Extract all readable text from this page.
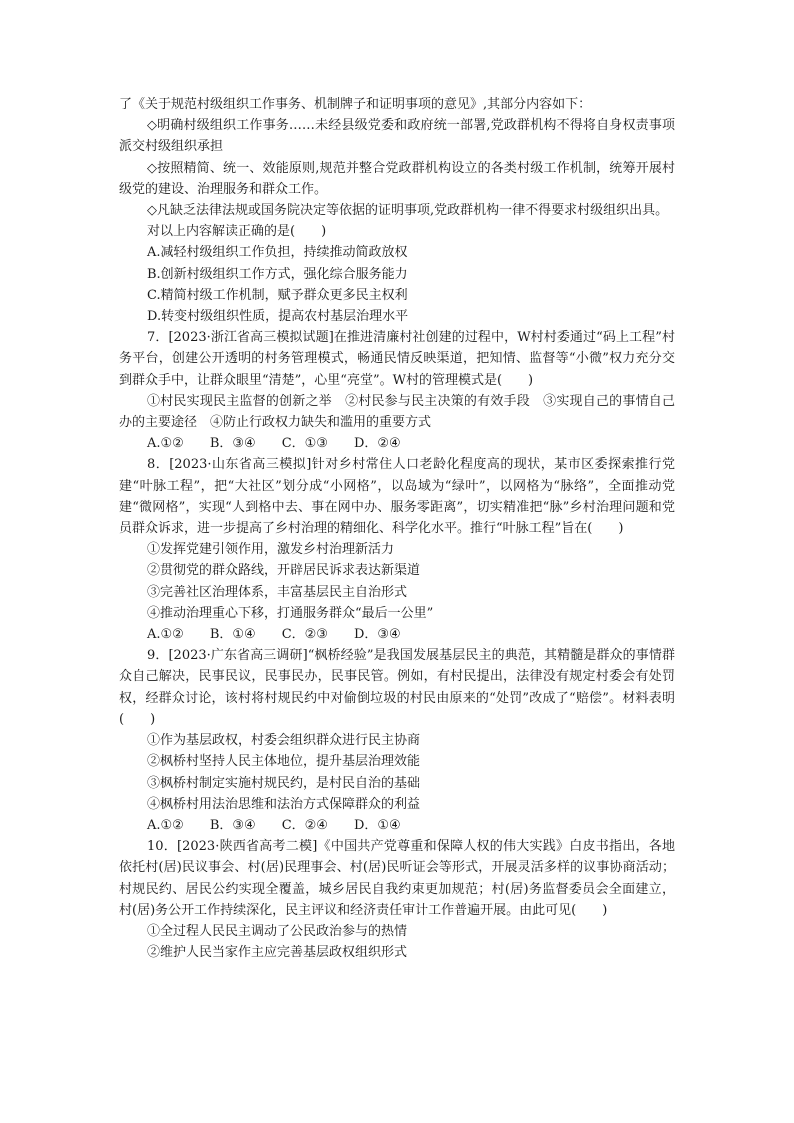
了《关于规范村级组织工作事务、机制牌子和证明事项的意见》,其部分内容如下：

◇明确村级组织工作事务……未经县级党委和政府统一部署,党政群机构不得将自身权责事项派交村级组织承担

◇按照精简、统一、效能原则,规范并整合党政群机构设立的各类村级工作机制，统筹开展村级党的建设、治理服务和群众工作。

◇凡缺乏法律法规或国务院决定等依据的证明事项,党政群机构一律不得要求村级组织出具。

对以上内容解读正确的是(　　)

A.减轻村级组织工作负担，持续推动简政放权

B.创新村级组织工作方式，强化综合服务能力

C.精简村级工作机制，赋予群众更多民主权利

D.转变村级组织性质，提高农村基层治理水平

7．[2023·浙江省高三模拟试题]在推进清廉村社创建的过程中，W村村委通过“码上工程”村务平台，创建公开透明的村务管理模式，畅通民情反映渠道，把知情、监督等“小微”权力充分交到群众手中，让群众眼里“清楚”，心里“亮堂”。W村的管理模式是(　　)

①村民实现民主监督的创新之举　②村民参与民主决策的有效手段　③实现自己的事情自己办的主要途径　④防止行政权力缺失和滥用的重要方式

A.①②　　B．③④　　C．①③　　D．②④

8．[2023·山东省高三模拟]针对乡村常住人口老龄化程度高的现状，某市区委探索推行党建“叶脉工程”，把“大社区”划分成“小网格”，以岛域为“绿叶”，以网格为“脉络”，全面推动党建“微网格”，实现“人到格中去、事在网中办、服务零距离”，切实精准把“脉”乡村治理问题和党员群众诉求，进一步提高了乡村治理的精细化、科学化水平。推行“叶脉工程”旨在(　　)

①发挥党建引领作用，激发乡村治理新活力

②贯彻党的群众路线，开辟居民诉求表达新渠道

③完善社区治理体系，丰富基层民主自治形式

④推动治理重心下移，打通服务群众“最后一公里”

A.①②　　B．①④　　C．②③　　D．③④

9．[2023·广东省高三调研]“枫桥经验”是我国发展基层民主的典范，其精髓是群众的事情群众自己解决，民事民议，民事民办，民事民管。例如，有村民提出，法律没有规定村委会有处罚权，经群众讨论，该村将村规民约中对偷倒垃圾的村民由原来的“处罚”改成了“赔偿”。材料表明(　　)

①作为基层政权，村委会组织群众进行民主协商

②枫桥村坚持人民主体地位，提升基层治理效能

③枫桥村制定实施村规民约，是村民自治的基础

④枫桥村用法治思维和法治方式保障群众的利益

A.①②　　B．③④　　C．②④　　D．①④

10．[2023·陕西省高考二模]《中国共产党尊重和保障人权的伟大实践》白皮书指出，各地依托村(居)民议事会、村(居)民理事会、村(居)民听证会等形式，开展灵活多样的议事协商活动；村规民约、居民公约实现全覆盖，城乡居民自我约束更加规范；村(居)务监督委员会全面建立，村(居)务公开工作持续深化，民主评议和经济责任审计工作普遍开展。由此可见(　　)

①全过程人民民主调动了公民政治参与的热情

②维护人民当家作主应完善基层政权组织形式
